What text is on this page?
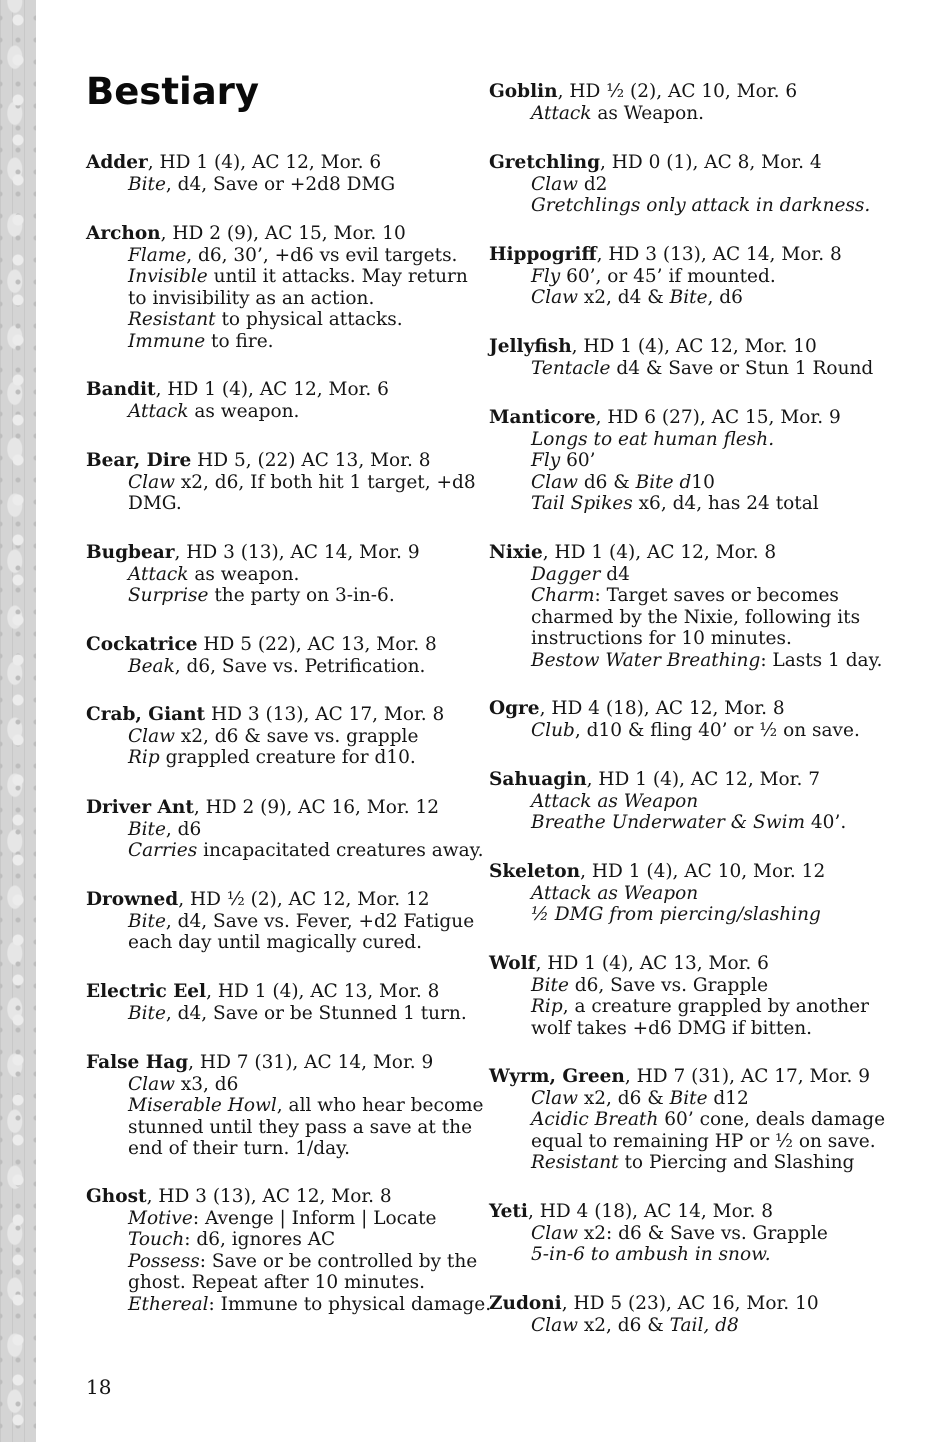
Bestiary
Adder, HD 1 (4), AC 12, Mor. 6
Bite, d4, Save or +2d8 DMG
Archon, HD 2 (9), AC 15, Mor. 10
Flame, d6, 30’, +d6 vs evil targets.
Invisible until it attacks. May return
to invisibility as an action.
Resistant to physical attacks.
Immune to fire.
Bandit, HD 1 (4), AC 12, Mor. 6
Attack as weapon.
Bear, Dire HD 5, (22) AC 13, Mor. 8
Claw x2, d6, If both hit 1 target, +d8
DMG.
Bugbear, HD 3 (13), AC 14, Mor. 9
Attack as weapon.
Surprise the party on 3-in-6.
Cockatrice HD 5 (22), AC 13, Mor. 8
Beak, d6, Save vs. Petrification.
Crab, Giant HD 3 (13), AC 17, Mor. 8
Claw x2, d6 & save vs. grapple
Rip grappled creature for d10.
Driver Ant, HD 2 (9), AC 16, Mor. 12
Bite, d6
Carries incapacitated creatures away.
Drowned, HD ½ (2), AC 12, Mor. 12
Bite, d4, Save vs. Fever, +d2 Fatigue
each day until magically cured.
Electric Eel, HD 1 (4), AC 13, Mor. 8
Bite, d4, Save or be Stunned 1 turn.
False Hag, HD 7 (31), AC 14, Mor. 9
Claw x3, d6
Miserable Howl, all who hear become
stunned until they pass a save at the
end of their turn. 1/day.
Ghost, HD 3 (13), AC 12, Mor. 8
Motive: Avenge | Inform | Locate
Touch: d6, ignores AC
Possess: Save or be controlled by the
ghost. Repeat after 10 minutes.
Ethereal: Immune to physical damage.
Goblin, HD ½ (2), AC 10, Mor. 6
Attack as Weapon.
Gretchling, HD 0 (1), AC 8, Mor. 4
Claw d2
Gretchlings only attack in darkness.
Hippogriff, HD 3 (13), AC 14, Mor. 8
Fly 60’, or 45’ if mounted.
Claw x2, d4 & Bite, d6
Jellyfish, HD 1 (4), AC 12, Mor. 10
Tentacle d4 & Save or Stun 1 Round
Manticore, HD 6 (27), AC 15, Mor. 9
Longs to eat human flesh.
Fly 60’
Claw d6 & Bite d10
Tail Spikes x6, d4, has 24 total
Nixie, HD 1 (4), AC 12, Mor. 8
Dagger d4
Charm: Target saves or becomes
charmed by the Nixie, following its
instructions for 10 minutes.
Bestow Water Breathing: Lasts 1 day.
Ogre, HD 4 (18), AC 12, Mor. 8
Club, d10 & fling 40’ or ½ on save.
Sahuagin, HD 1 (4), AC 12, Mor. 7
Attack as Weapon
Breathe Underwater & Swim 40’.
Skeleton, HD 1 (4), AC 10, Mor. 12
Attack as Weapon
½ DMG from piercing/slashing
Wolf, HD 1 (4), AC 13, Mor. 6
Bite d6, Save vs. Grapple
Rip, a creature grappled by another
wolf takes +d6 DMG if bitten.
Wyrm, Green, HD 7 (31), AC 17, Mor. 9
Claw x2, d6 & Bite d12
Acidic Breath 60’ cone, deals damage
equal to remaining HP or ½ on save.
Resistant to Piercing and Slashing
Yeti, HD 4 (18), AC 14, Mor. 8
Claw x2: d6 & Save vs. Grapple
5-in-6 to ambush in snow.
Zudoni, HD 5 (23), AC 16, Mor. 10
Claw x2, d6 & Tail, d8
18
